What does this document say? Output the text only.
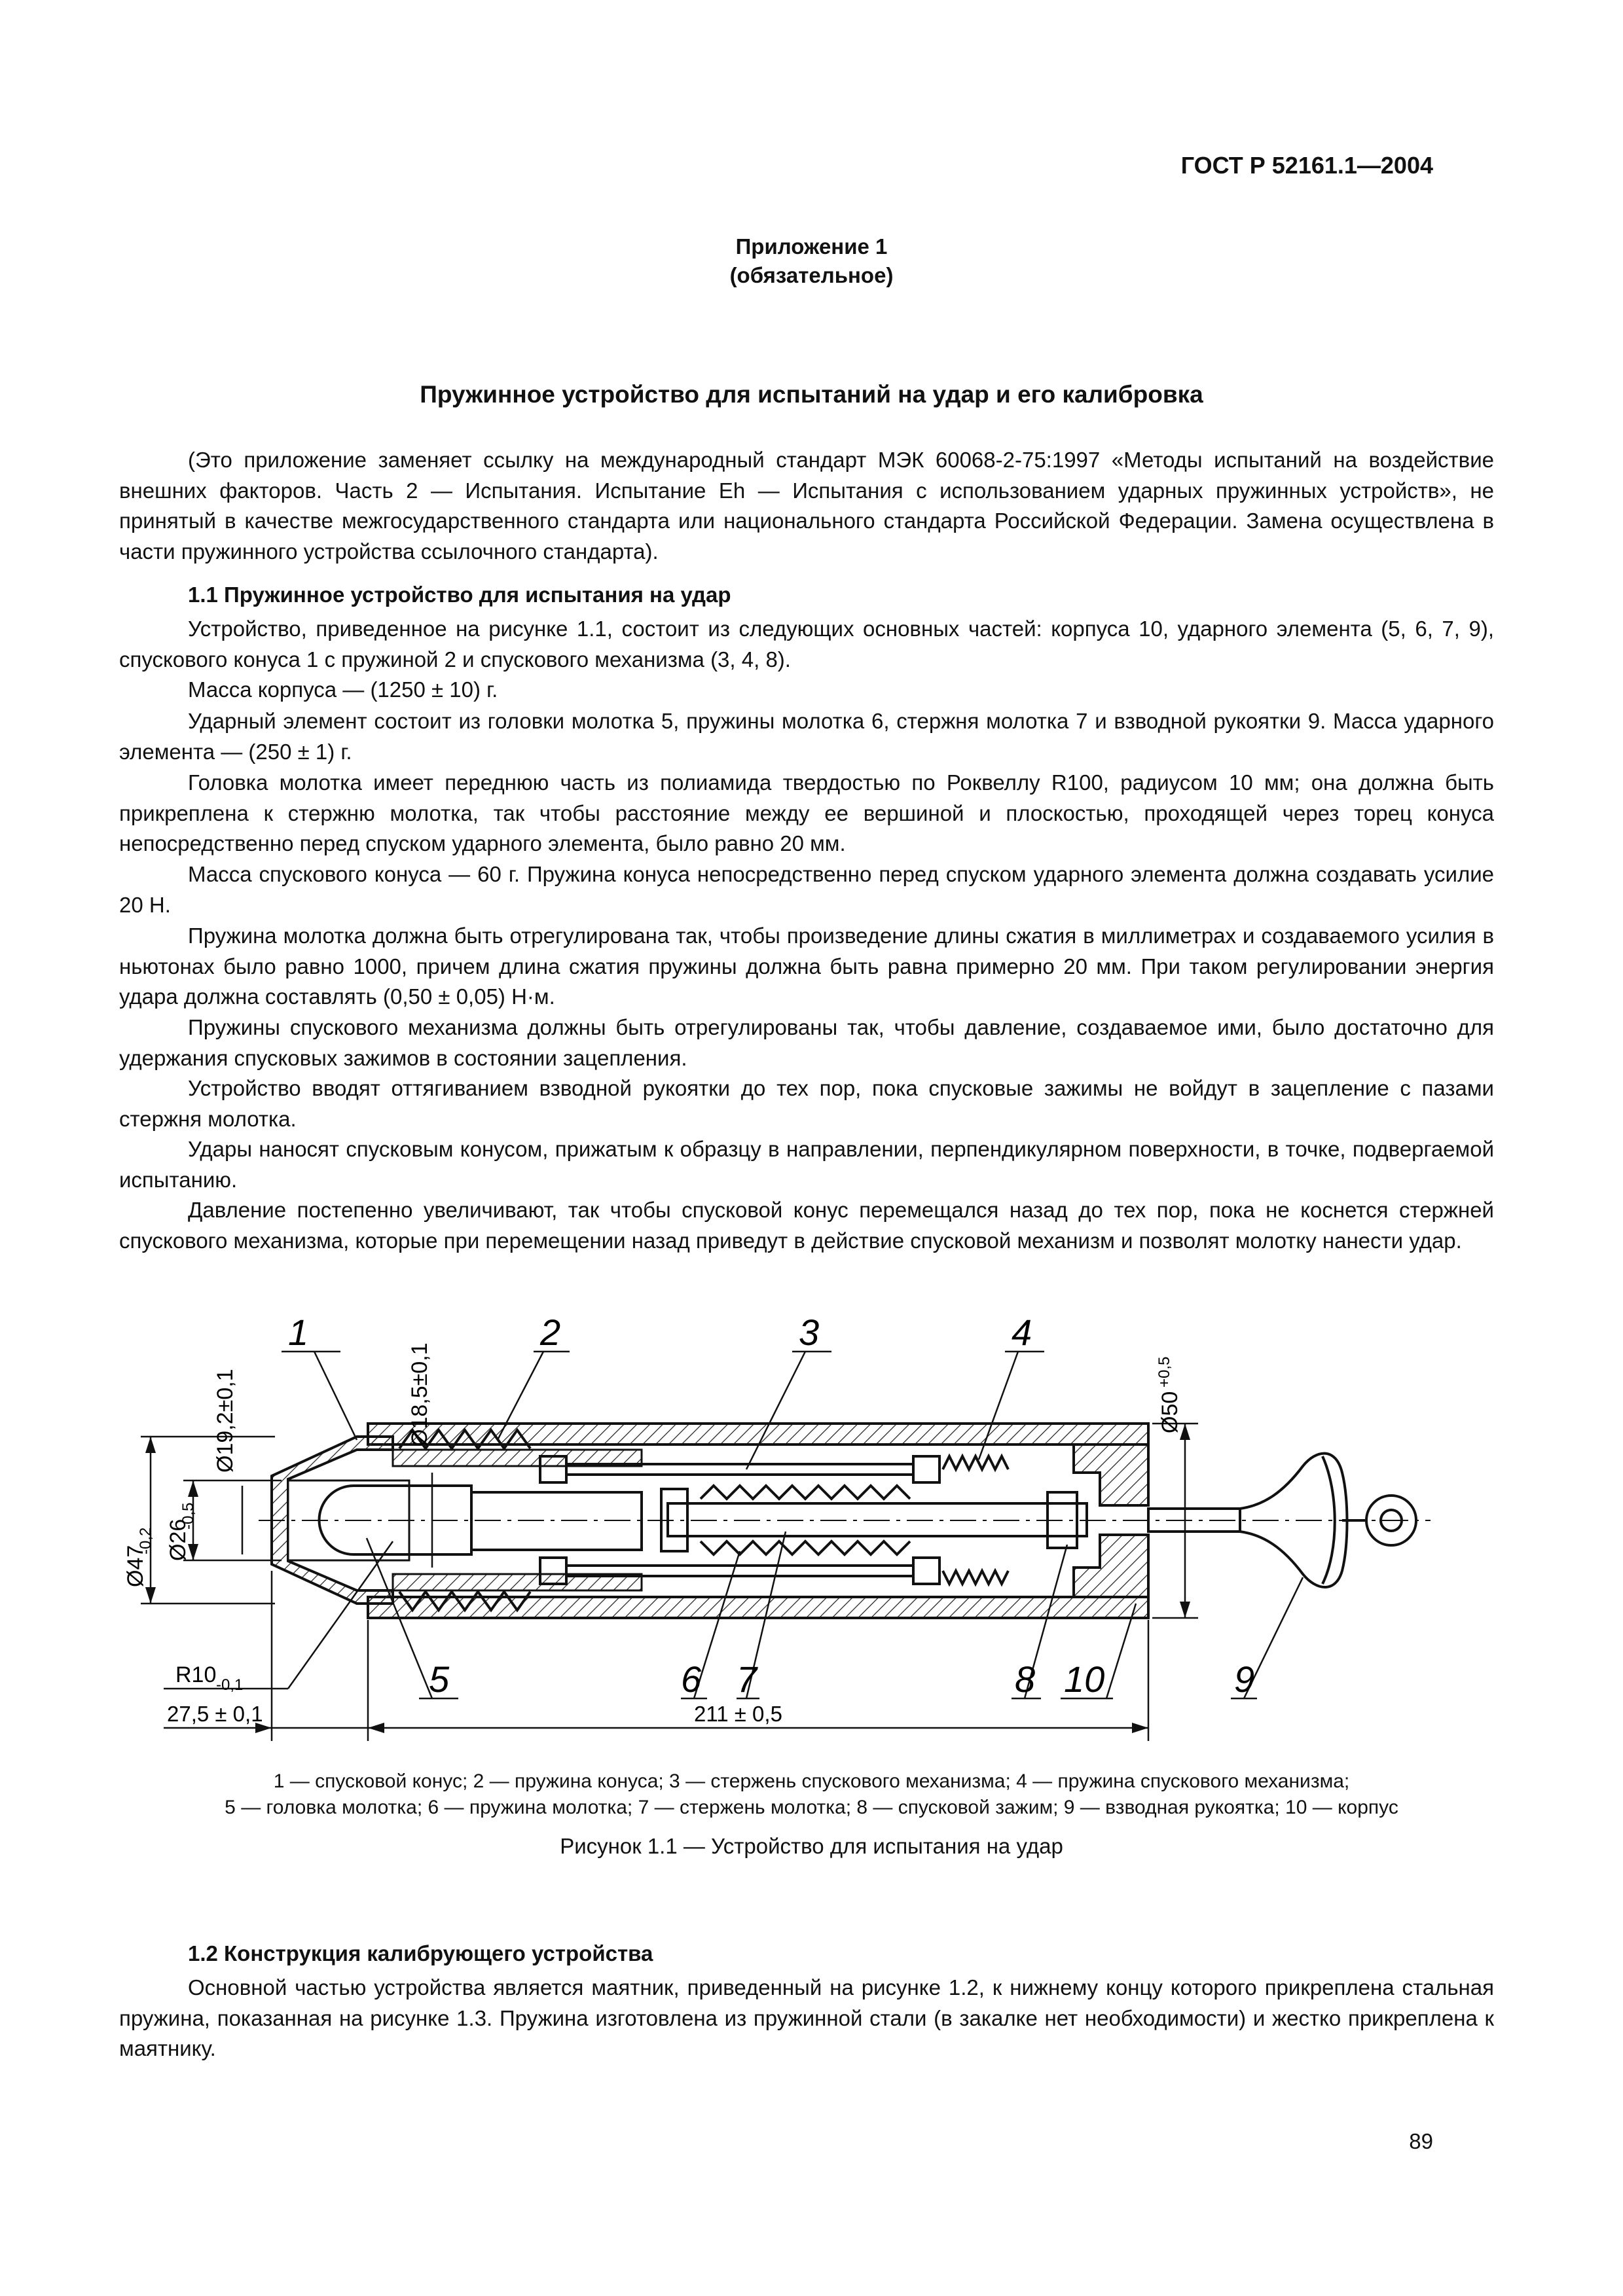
ГОСТ Р 52161.1—2004
Приложение 1
(обязательное)
Пружинное устройство для испытаний на удар и его калибровка

(Это приложение заменяет ссылку на международный стандарт МЭК 60068-2-75:1997 «Методы испытаний на воздействие внешних факторов. Часть 2 — Испытания. Испытание Eh — Испытания с использованием ударных пружинных устройств», не принятый в качестве межгосударственного стандарта или национального стандарта Российской Федерации. Замена осуществлена в части пружинного устройства ссылочного стандарта).

1.1 Пружинное устройство для испытания на удар

Устройство, приведенное на рисунке 1.1, состоит из следующих основных частей: корпуса 10, ударного элемента (5, 6, 7, 9), спускового конуса 1 с пружиной 2 и спускового механизма (3, 4, 8).

Масса корпуса — (1250 ± 10) г.

Ударный элемент состоит из головки молотка 5, пружины молотка 6, стержня молотка 7 и взводной рукоятки 9. Масса ударного элемента — (250 ± 1) г.

Головка молотка имеет переднюю часть из полиамида твердостью по Роквеллу R100, радиусом 10 мм; она должна быть прикреплена к стержню молотка, так чтобы расстояние между ее вершиной и плоскостью, проходящей через торец конуса непосредственно перед спуском ударного элемента, было равно 20 мм.

Масса спускового конуса — 60 г. Пружина конуса непосредственно перед спуском ударного элемента должна создавать усилие 20 Н.

Пружина молотка должна быть отрегулирована так, чтобы произведение длины сжатия в миллиметрах и создаваемого усилия в ньютонах было равно 1000, причем длина сжатия пружины должна быть равна примерно 20 мм. При таком регулировании энергия удара должна составлять (0,50 ± 0,05) Н·м.

Пружины спускового механизма должны быть отрегулированы так, чтобы давление, создаваемое ими, было достаточно для удержания спусковых зажимов в состоянии зацепления.

Устройство вводят оттягиванием взводной рукоятки до тех пор, пока спусковые зажимы не войдут в зацепление с пазами стержня молотка.

Удары наносят спусковым конусом, прижатым к образцу в направлении, перпендикулярном поверхности, в точке, подвергаемой испытанию.

Давление постепенно увеличивают, так чтобы спусковой конус перемещался назад до тех пор, пока не коснется стержней спускового механизма, которые при перемещении назад приведут в действие спусковой механизм и позволят молотку нанести удар.

1	2	3	4
5	6 7	8 10	9
Ø18,5±0,1
Ø19,2±0,1
Ø47
-0,2 Ø26
-0,5
Ø50
+0,5
R10 -0,1
27,5 ± 0,1	211 ± 0,5
1 — спусковой конус; 2 — пружина конуса; 3 — стержень спускового механизма; 4 — пружина спускового механизма;
5 — головка молотка; 6 — пружина молотка; 7 — стержень молотка; 8 — спусковой зажим; 9 — взводная рукоятка; 10 — корпус
Рисунок 1.1 — Устройство для испытания на удар
1.2 Конструкция калибрующего устройства

Основной частью устройства является маятник, приведенный на рисунке 1.2, к нижнему концу которого прикреплена стальная пружина, показанная на рисунке 1.3. Пружина изготовлена из пружинной стали (в закалке нет необходимости) и жестко прикреплена к маятнику.

89
